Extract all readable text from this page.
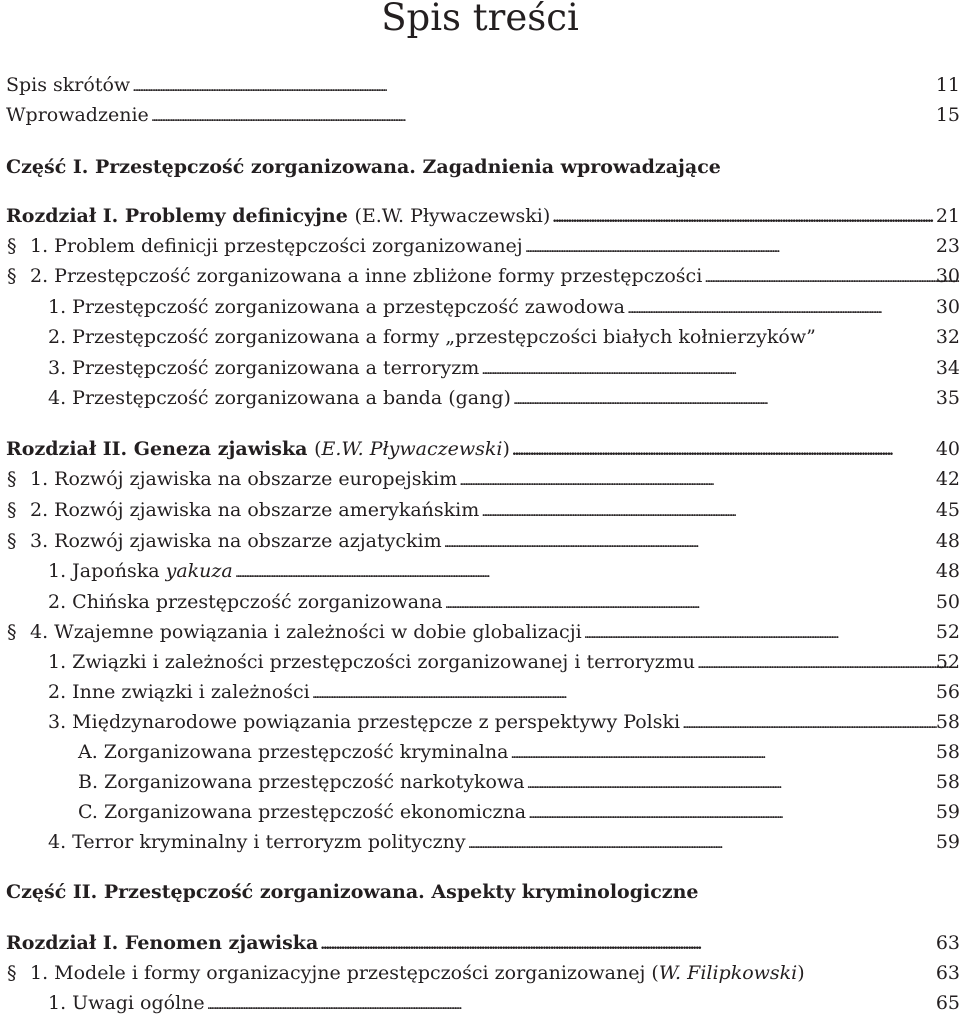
Spis treści
Spis skrótów . . .	11
Wprowadzenie . . .	15
Część I. Przestępczość zorganizowana. Zagadnienia wprowadzające
Rozdział I. Problemy definicyjne (E.W. Pływaczewski) . . .	21
§ 1. Problem definicji przestępczości zorganizowanej . . .	23
§ 2. Przestępczość zorganizowana a inne zbliżone formy przestępczości . . .	30
1. Przestępczość zorganizowana a przestępczość zawodowa . . .	30
2. Przestępczość zorganizowana a formy „przestępczości białych kołnierzyków”	32
3. Przestępczość zorganizowana a terroryzm . . .	34
4. Przestępczość zorganizowana a banda (gang) . . .	35
Rozdział II. Geneza zjawiska (E.W. Pływaczewski) . . .	40
§ 1. Rozwój zjawiska na obszarze europejskim . . .	42
§ 2. Rozwój zjawiska na obszarze amerykańskim . . .	45
§ 3. Rozwój zjawiska na obszarze azjatyckim . . .	48
1. Japońska yakuza . . .	48
2. Chińska przestępczość zorganizowana . . .	50
§ 4. Wzajemne powiązania i zależności w dobie globalizacji . . .	52
1. Związki i zależności przestępczości zorganizowanej i terroryzmu . . .	52
2. Inne związki i zależności . . .	56
3. Międzynarodowe powiązania przestępcze z perspektywy Polski . . .	58
A. Zorganizowana przestępczość kryminalna . . .	58
B. Zorganizowana przestępczość narkotykowa . . .	58
C. Zorganizowana przestępczość ekonomiczna . . .	59
4. Terror kryminalny i terroryzm polityczny . . .	59
Część II. Przestępczość zorganizowana. Aspekty kryminologiczne
Rozdział I. Fenomen zjawiska . . .	63
§ 1. Modele i formy organizacyjne przestępczości zorganizowanej (W. Filipkowski)	63
1. Uwagi ogólne . . .	65
